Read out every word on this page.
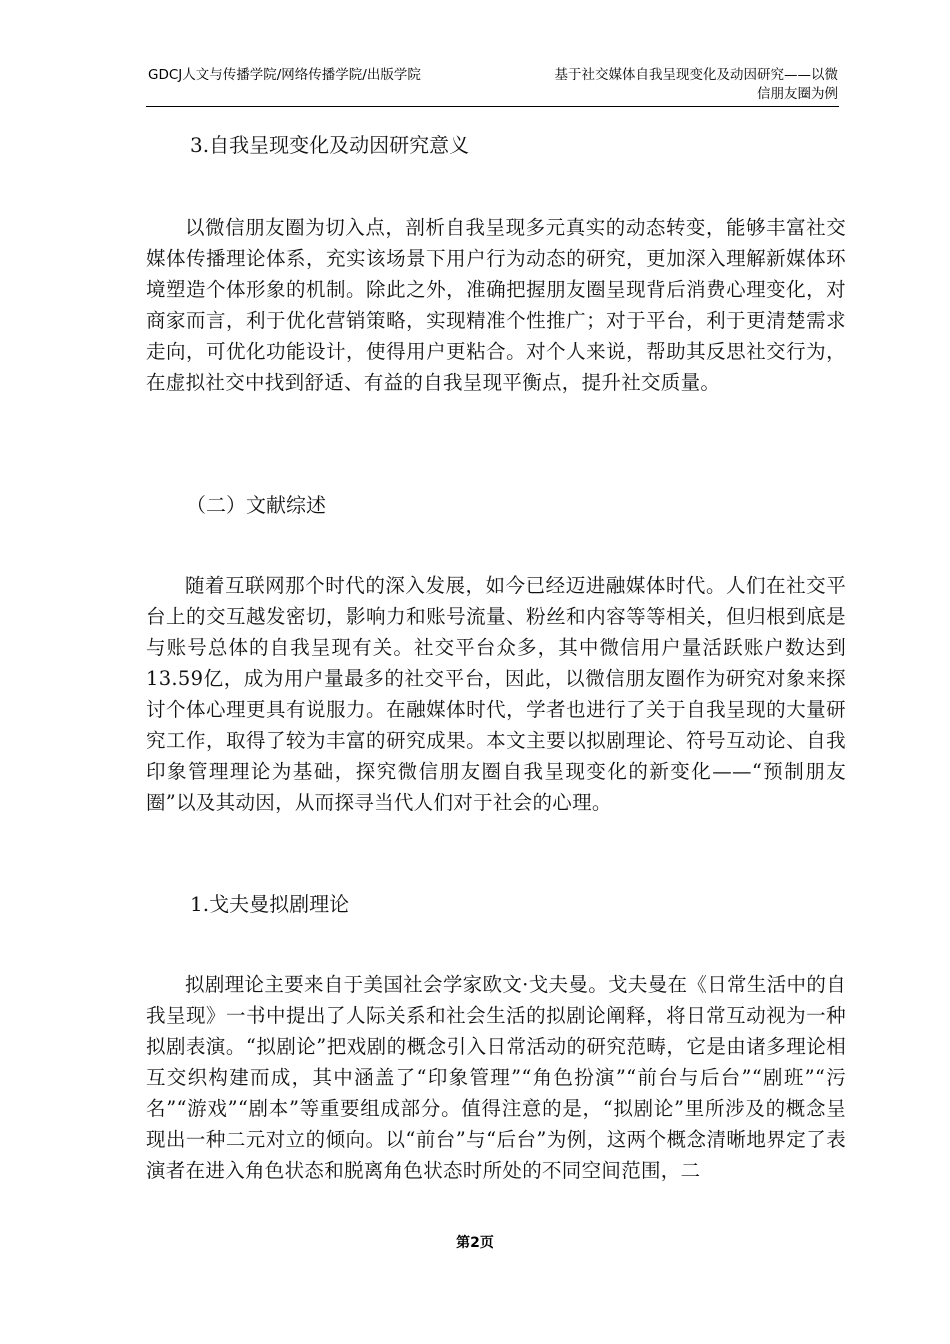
GDCJ人文与传播学院/网络传播学院/出版学院	基于社交媒体自我呈现变化及动因研究——以微
信朋友圈为例
3.自我呈现变化及动因研究意义

以微信朋友圈为切入点，剖析自我呈现多元真实的动态转变，能够丰富社交媒体传播理论体系，充实该场景下用户行为动态的研究，更加深入理解新媒体环境塑造个体形象的机制。除此之外，准确把握朋友圈呈现背后消费心理变化，对商家而言，利于优化营销策略，实现精准个性推广；对于平台，利于更清楚需求走向，可优化功能设计，使得用户更粘合。对个人来说，帮助其反思社交行为，在虚拟社交中找到舒适、有益的自我呈现平衡点，提升社交质量。

（二）文献综述

随着互联网那个时代的深入发展，如今已经迈进融媒体时代。人们在社交平台上的交互越发密切，影响力和账号流量、粉丝和内容等等相关，但归根到底是与账号总体的自我呈现有关。社交平台众多，其中微信用户量活跃账户数达到13.59亿，成为用户量最多的社交平台，因此，以微信朋友圈作为研究对象来探讨个体心理更具有说服力。在融媒体时代，学者也进行了关于自我呈现的大量研究工作，取得了较为丰富的研究成果。本文主要以拟剧理论、符号互动论、自我印象管理理论为基础，探究微信朋友圈自我呈现变化的新变化——“预制朋友圈”以及其动因，从而探寻当代人们对于社会的心理。

1.戈夫曼拟剧理论

拟剧理论主要来自于美国社会学家欧文·戈夫曼。戈夫曼在《日常生活中的自我呈现》一书中提出了人际关系和社会生活的拟剧论阐释，将日常互动视为一种拟剧表演。“拟剧论”把戏剧的概念引入日常活动的研究范畴，它是由诸多理论相互交织构建而成，其中涵盖了“印象管理”“角色扮演”“前台与后台”“剧班”“污名”“游戏”“剧本”等重要组成部分。值得注意的是，“拟剧论”里所涉及的概念呈现出一种二元对立的倾向。以“前台”与“后台”为例，这两个概念清晰地界定了表演者在进入角色状态和脱离角色状态时所处的不同空间范围，二

第2页
